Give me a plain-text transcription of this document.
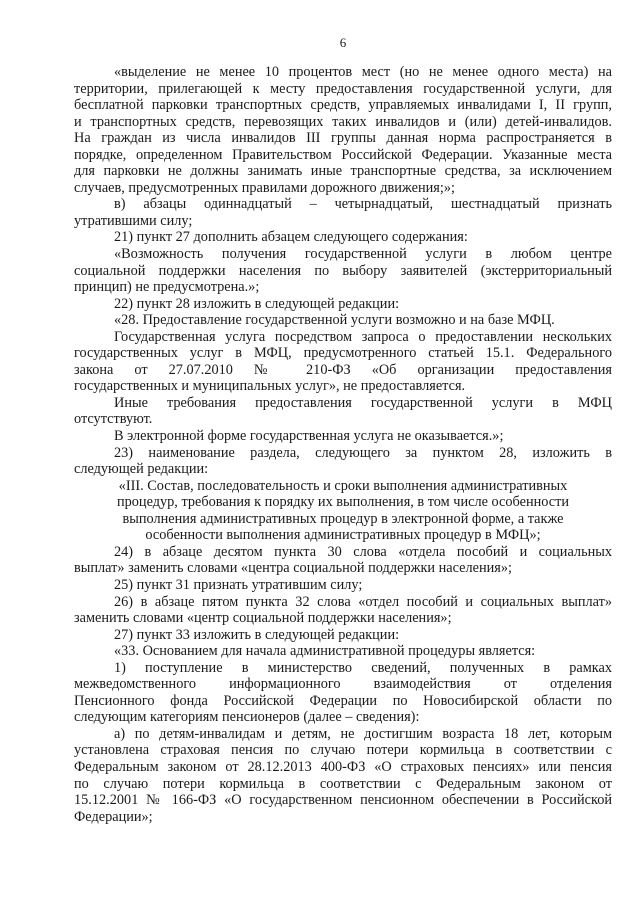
6
«выделение не менее 10 процентов мест (но не менее одного места) на
территории, прилегающей к месту предоставления государственной услуги, для
бесплатной парковки транспортных средств, управляемых инвалидами I, II групп,
и транспортных средств, перевозящих таких инвалидов и (или) детей-инвалидов.
На граждан из числа инвалидов III группы данная норма распространяется в
порядке, определенном Правительством Российской Федерации. Указанные места
для парковки не должны занимать иные транспортные средства, за исключением
случаев, предусмотренных правилами дорожного движения;»;
в) абзацы одиннадцатый – четырнадцатый, шестнадцатый признать
утратившими силу;
21) пункт 27 дополнить абзацем следующего содержания:
«Возможность получения государственной услуги в любом центре
социальной поддержки населения по выбору заявителей (экстерриториальный
принцип) не предусмотрена.»;
22) пункт 28 изложить в следующей редакции:
«28. Предоставление государственной услуги возможно и на базе МФЦ.
Государственная услуга посредством запроса о предоставлении нескольких
государственных услуг в МФЦ, предусмотренного статьей 15.1. Федерального
закона от 27.07.2010 № 210-ФЗ «Об организации предоставления
государственных и муниципальных услуг», не предоставляется.
Иные требования предоставления государственной услуги в МФЦ
отсутствуют.
В электронной форме государственная услуга не оказывается.»;
23) наименование раздела, следующего за пунктом 28, изложить в
следующей редакции:
«III. Состав, последовательность и сроки выполнения административных
процедур, требования к порядку их выполнения, в том числе особенности
выполнения административных процедур в электронной форме, а также
особенности выполнения административных процедур в МФЦ»;
24) в абзаце десятом пункта 30 слова «отдела пособий и социальных
выплат» заменить словами «центра социальной поддержки населения»;
25) пункт 31 признать утратившим силу;
26) в абзаце пятом пункта 32 слова «отдел пособий и социальных выплат»
заменить словами «центр социальной поддержки населения»;
27) пункт 33 изложить в следующей редакции:
«33. Основанием для начала административной процедуры является:
1) поступление в министерство сведений, полученных в рамках
межведомственного информационного взаимодействия от отделения
Пенсионного фонда Российской Федерации по Новосибирской области по
следующим категориям пенсионеров (далее – сведения):
а) по детям-инвалидам и детям, не достигшим возраста 18 лет, которым
установлена страховая пенсия по случаю потери кормильца в соответствии с
Федеральным законом от 28.12.2013 400-ФЗ «О страховых пенсиях» или пенсия
по случаю потери кормильца в соответствии с Федеральным законом от
15.12.2001 № 166-ФЗ «О государственном пенсионном обеспечении в Российской
Федерации»;
